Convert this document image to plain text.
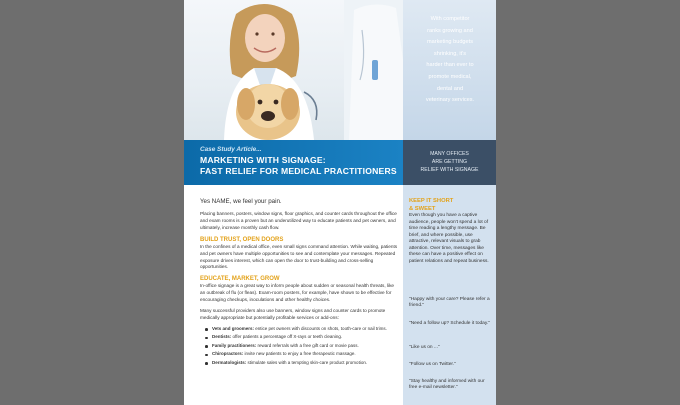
With competitor
ranks growing and
marketing budgets
shrinking, it's
harder than ever to
promote medical,
dental and
veterinary services.
Case Study Article...
MARKETING WITH SIGNAGE:
FAST RELIEF FOR MEDICAL PRACTITIONERS
MANY OFFICES
ARE GETTING
RELIEF WITH SIGNAGE

Yes NAME, we feel your pain.

Placing banners, posters, window signs, floor graphics, and counter cards throughout the office and exam rooms is a proven but an underutilized way to educate patients and pet owners, and ultimately, increase monthly cash flow.

BUILD TRUST, OPEN DOORS

In the confines of a medical office, even small signs command attention. While waiting, patients and pet owners have multiple opportunities to see and contemplate your messages. Repeated exposure drives interest, which can open the door to trust-building and cross-selling opportunities.

EDUCATE, MARKET, GROW

In-office signage is a great way to inform people about sudden or seasonal health threats, like an outbreak of flu (or fleas). Exam-room posters, for example, have shown to be effective for encouraging checkups, inoculations and other healthy choices.

Many successful providers also use banners, window signs and counter cards to promote medically appropriate but potentially profitable services or add-ons:

Vets and groomers: entice pet owners with discounts on shots, tooth-care or nail trims.
Dentists: offer patients a percentage off X-rays or teeth cleaning.
Family practitioners: reward referrals with a free gift card or movie pass.
Chiropractors: invite new patients to enjoy a free therapeutic massage.
Dermatologists: stimulate sales with a tempting skin-care product promotion.
KEEP IT SHORT
& SWEET
Even though you have a captive audience, people won't spend a lot of time reading a lengthy message. Be brief, and where possible, use attractive, relevant visuals to grab attention. Over time, messages like these can have a positive effect on patient relations and repeat business.
"Happy with your care? Please refer a friend."
"Need a follow up? Schedule it today."
"Like us on ..."
"Follow us on Twitter."
"Stay healthy and informed with our free e-mail newsletter."
